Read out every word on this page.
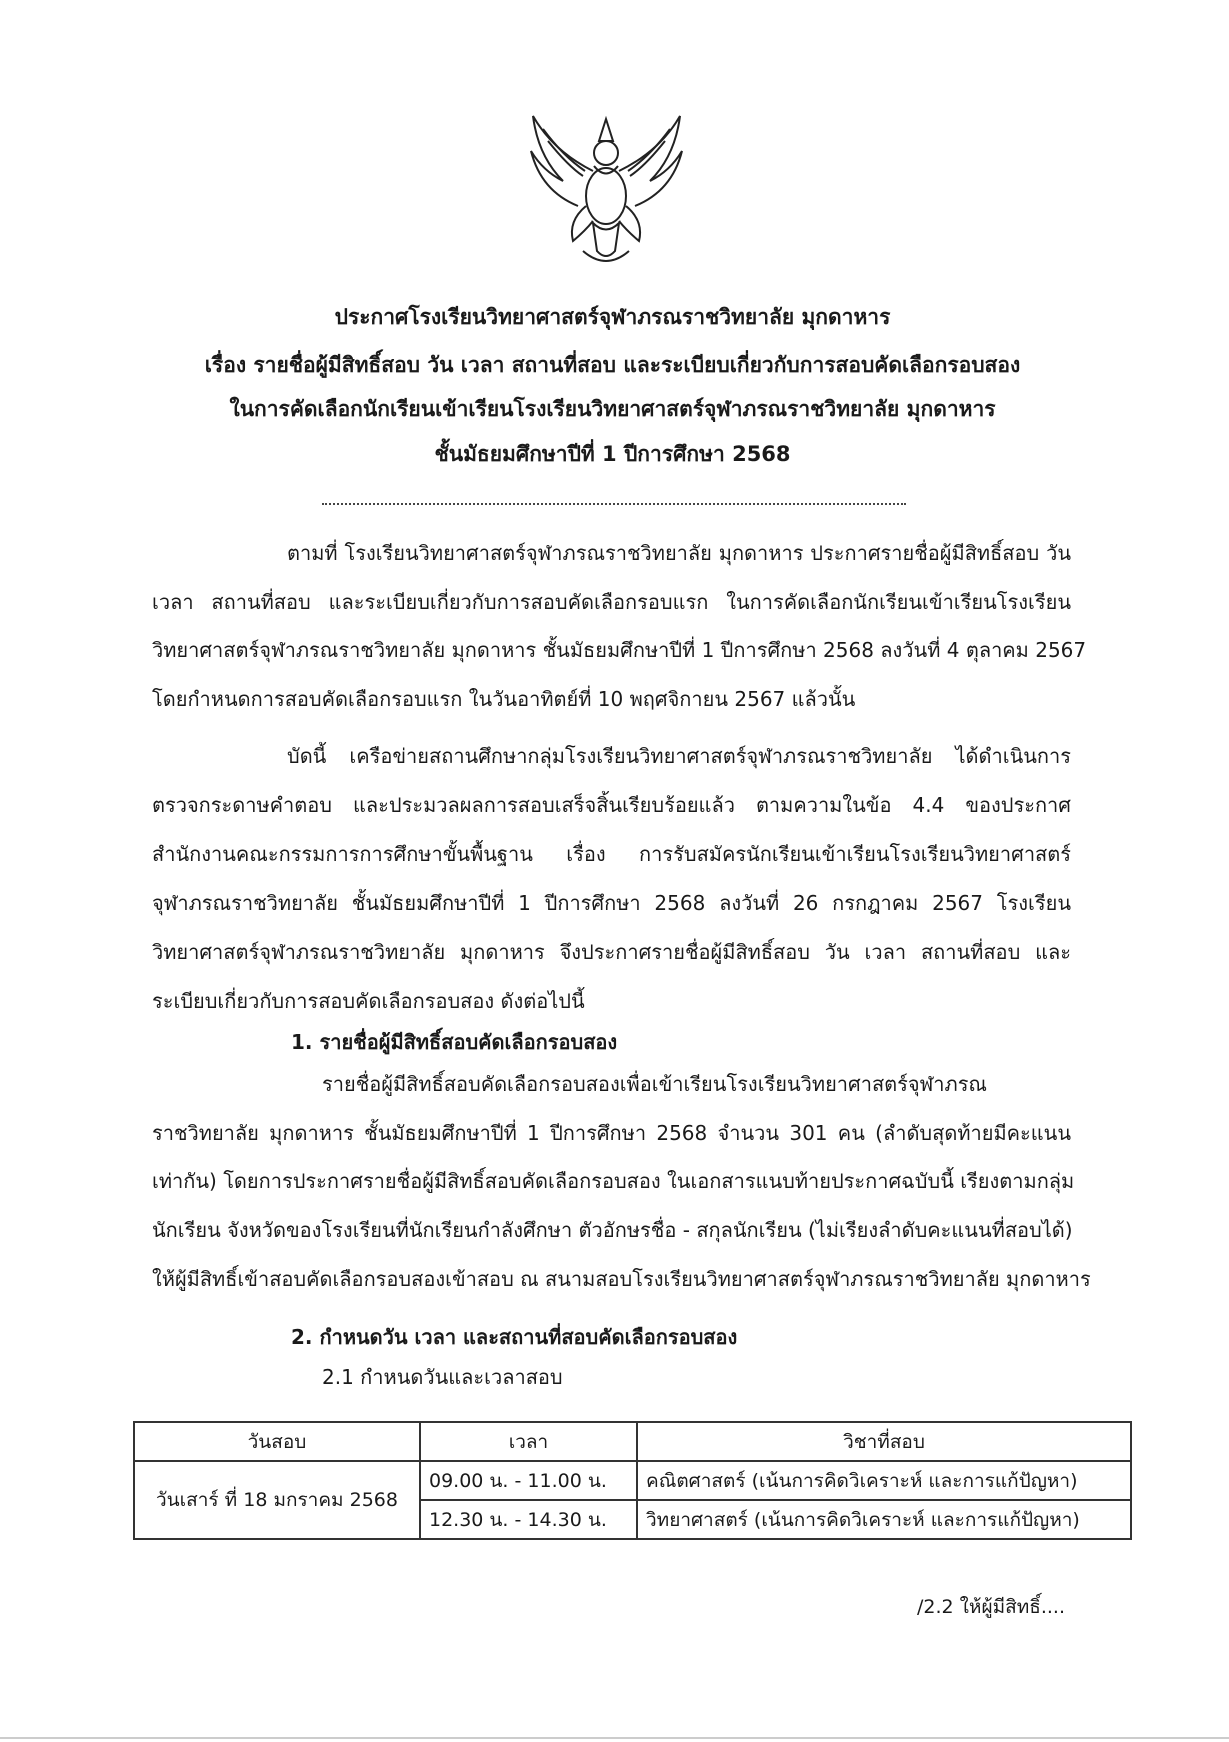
ประกาศโรงเรียนวิทยาศาสตร์จุฬาภรณราชวิทยาลัย มุกดาหาร
เรื่อง รายชื่อผู้มีสิทธิ์สอบ วัน เวลา สถานที่สอบ และระเบียบเกี่ยวกับการสอบคัดเลือกรอบสอง
ในการคัดเลือกนักเรียนเข้าเรียนโรงเรียนวิทยาศาสตร์จุฬาภรณราชวิทยาลัย มุกดาหาร
ชั้นมัธยมศึกษาปีที่ 1 ปีการศึกษา 2568
ตามที่ โรงเรียนวิทยาศาสตร์จุฬาภรณราชวิทยาลัย มุกดาหาร ประกาศรายชื่อผู้มีสิทธิ์สอบ วัน
เวลา สถานที่สอบ และระเบียบเกี่ยวกับการสอบคัดเลือกรอบแรก ในการคัดเลือกนักเรียนเข้าเรียนโรงเรียน
วิทยาศาสตร์จุฬาภรณราชวิทยาลัย มุกดาหาร ชั้นมัธยมศึกษาปีที่ 1 ปีการศึกษา 2568 ลงวันที่ 4 ตุลาคม 2567
โดยกำหนดการสอบคัดเลือกรอบแรก ในวันอาทิตย์ที่ 10 พฤศจิกายน 2567 แล้วนั้น
บัดนี้ เครือข่ายสถานศึกษากลุ่มโรงเรียนวิทยาศาสตร์จุฬาภรณราชวิทยาลัย ได้ดำเนินการ
ตรวจกระดาษคำตอบ และประมวลผลการสอบเสร็จสิ้นเรียบร้อยแล้ว ตามความในข้อ 4.4 ของประกาศ
สำนักงานคณะกรรมการการศึกษาขั้นพื้นฐาน เรื่อง การรับสมัครนักเรียนเข้าเรียนโรงเรียนวิทยาศาสตร์
จุฬาภรณราชวิทยาลัย ชั้นมัธยมศึกษาปีที่ 1 ปีการศึกษา 2568 ลงวันที่ 26 กรกฎาคม 2567 โรงเรียน
วิทยาศาสตร์จุฬาภรณราชวิทยาลัย มุกดาหาร จึงประกาศรายชื่อผู้มีสิทธิ์สอบ วัน เวลา สถานที่สอบ และ
ระเบียบเกี่ยวกับการสอบคัดเลือกรอบสอง ดังต่อไปนี้
1. รายชื่อผู้มีสิทธิ์สอบคัดเลือกรอบสอง
รายชื่อผู้มีสิทธิ์สอบคัดเลือกรอบสองเพื่อเข้าเรียนโรงเรียนวิทยาศาสตร์จุฬาภรณ
ราชวิทยาลัย มุกดาหาร ชั้นมัธยมศึกษาปีที่ 1 ปีการศึกษา 2568 จำนวน 301 คน (ลำดับสุดท้ายมีคะแนน
เท่ากัน) โดยการประกาศรายชื่อผู้มีสิทธิ์สอบคัดเลือกรอบสอง ในเอกสารแนบท้ายประกาศฉบับนี้ เรียงตามกลุ่ม
นักเรียน จังหวัดของโรงเรียนที่นักเรียนกำลังศึกษา ตัวอักษรชื่อ - สกุลนักเรียน (ไม่เรียงลำดับคะแนนที่สอบได้)
ให้ผู้มีสิทธิ์เข้าสอบคัดเลือกรอบสองเข้าสอบ ณ สนามสอบโรงเรียนวิทยาศาสตร์จุฬาภรณราชวิทยาลัย มุกดาหาร
2. กำหนดวัน เวลา และสถานที่สอบคัดเลือกรอบสอง
2.1 กำหนดวันและเวลาสอบ
วันสอบ	เวลา	วิชาที่สอบ
วันเสาร์ ที่ 18 มกราคม 2568	09.00 น. - 11.00 น.	คณิตศาสตร์ (เน้นการคิดวิเคราะห์ และการแก้ปัญหา)
	12.30 น. - 14.30 น.	วิทยาศาสตร์ (เน้นการคิดวิเคราะห์ และการแก้ปัญหา)
/2.2 ให้ผู้มีสิทธิ์....
